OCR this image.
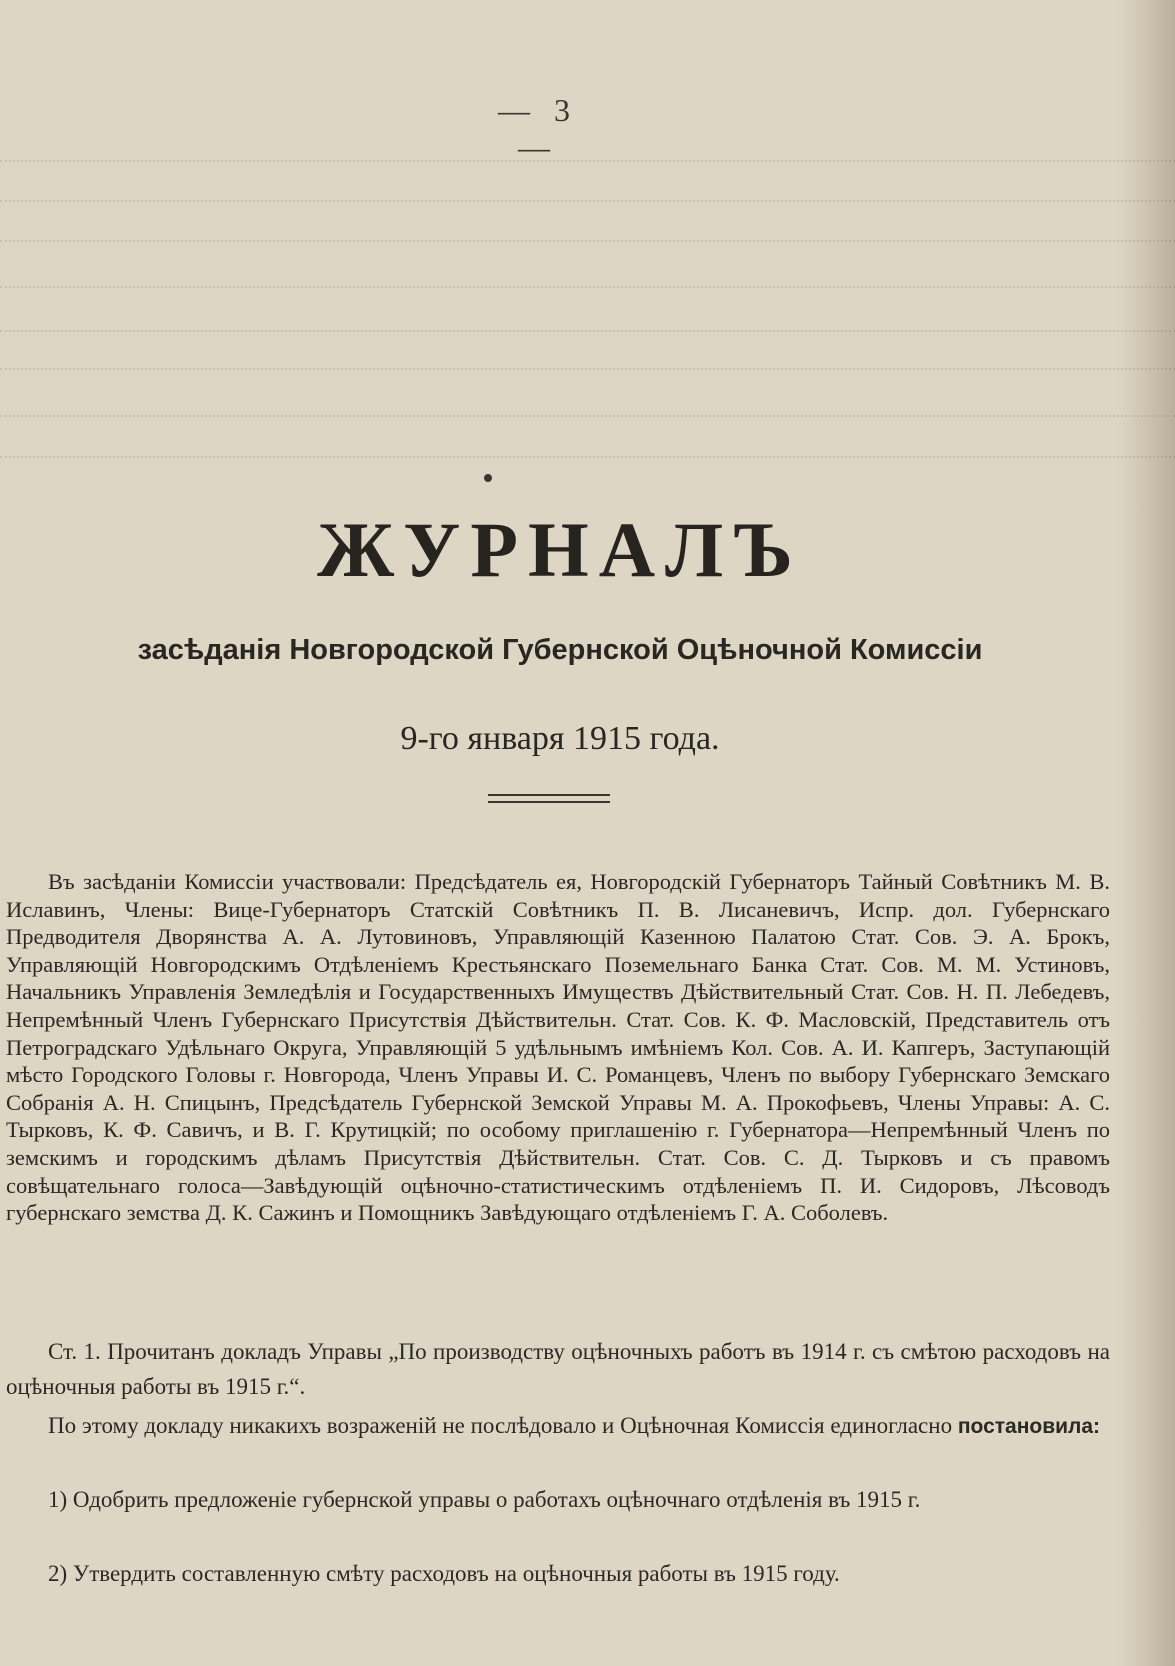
— 3 —
ЖУРНАЛЪ
засѣданія Новгородской Губернской Оцѣночной Комиссіи
9-го января 1915 года.

Въ засѣданіи Комиссіи участвовали: Предсѣдатель ея, Новгородскій Губернаторъ Тайный Совѣтникъ М. В. Иславинъ, Члены: Вице-Губернаторъ Статскій Совѣтникъ П. В. Лисаневичъ, Испр. дол. Губернскаго Предводителя Дворянства А. А. Лутовиновъ, Управляющій Казенною Палатою Стат. Сов. Э. А. Брокъ, Управляющій Новгородскимъ Отдѣленіемъ Крестьянскаго Поземельнаго Банка Стат. Сов. М. М. Устиновъ, Начальникъ Управленія Земледѣлія и Государственныхъ Имуществъ Дѣйствительный Стат. Сов. Н. П. Лебедевъ, Непремѣнный Членъ Губернскаго Присутствія Дѣйствительн. Стат. Сов. К. Ф. Масловскій, Представитель отъ Петроградскаго Удѣльнаго Округа, Управляющій 5 удѣльнымъ имѣніемъ Кол. Сов. А. И. Капгеръ, Заступающій мѣсто Городского Головы г. Новгорода, Членъ Управы И. С. Романцевъ, Членъ по выбору Губернскаго Земскаго Собранія А. Н. Спицынъ, Предсѣдатель Губернской Земской Управы М. А. Прокофьевъ, Члены Управы: А. С. Тырковъ, К. Ф. Савичъ, и В. Г. Крутицкій; по особому приглашенію г. Губернатора—Непремѣнный Членъ по земскимъ и городскимъ дѣламъ Присутствія Дѣйствительн. Стат. Сов. С. Д. Тырковъ и съ правомъ совѣщательнаго голоса—Завѣдующій оцѣночно-статистическимъ отдѣленіемъ П. И. Сидоровъ, Лѣсоводъ губернскаго земства Д. К. Сажинъ и Помощникъ Завѣдующаго отдѣленіемъ Г. А. Соболевъ.

Ст. 1. Прочитанъ докладъ Управы „По производству оцѣночныхъ работъ въ 1914 г. съ смѣтою расходовъ на оцѣночныя работы въ 1915 г.“.

По этому докладу никакихъ возраженій не послѣдовало и Оцѣночная Комиссія единогласно постановила:

1) Одобрить предложеніе губернской управы о работахъ оцѣночнаго отдѣленія въ 1915 г.

2) Утвердить составленную смѣту расходовъ на оцѣночныя работы въ 1915 году.
